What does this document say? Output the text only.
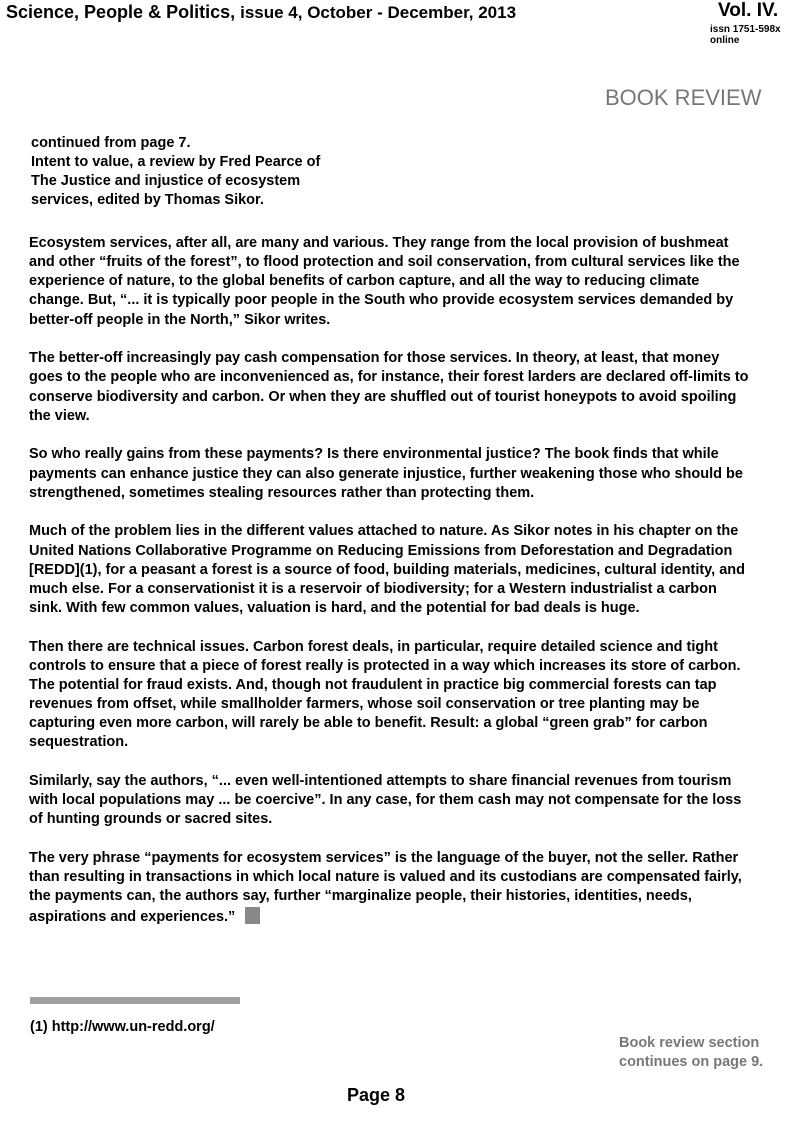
Science, People & Politics, issue 4, October - December, 2013	Vol. IV.
issn 1751-598x
online
BOOK REVIEW
continued from page 7.
Intent to value, a review by Fred Pearce of
The Justice and injustice of ecosystem
services, edited by Thomas Sikor.

Ecosystem services, after all, are many and various. They range from the local provision of bushmeat and other “fruits of the forest”, to flood protection and soil conservation, from cultural services like the experience of nature, to the global benefits of carbon capture, and all the way to reducing climate change. But, “... it is typically poor people in the South who provide ecosystem services demanded by better-off people in the North,” Sikor writes.

The better-off increasingly pay cash compensation for those services. In theory, at least, that money goes to the people who are inconvenienced as, for instance, their forest larders are declared off-limits to conserve biodiversity and carbon. Or when they are shuffled out of tourist honeypots to avoid spoiling the view.

So who really gains from these payments? Is there environmental justice? The book finds that while payments can enhance justice they can also generate injustice, further weakening those who should be strengthened, sometimes stealing resources rather than protecting them.

Much of the problem lies in the different values attached to nature. As Sikor notes in his chapter on the United Nations Collaborative Programme on Reducing Emissions from Deforestation and Degradation [REDD](1), for a peasant a forest is a source of food, building materials, medicines, cultural identity, and much else. For a conservationist it is a reservoir of biodiversity; for a Western industrialist a carbon sink. With few common values, valuation is hard, and the potential for bad deals is huge.

Then there are technical issues. Carbon forest deals, in particular, require detailed science and tight controls to ensure that a piece of forest really is protected in a way which increases its store of carbon. The potential for fraud exists. And, though not fraudulent in practice big commercial forests can tap revenues from offset, while smallholder farmers, whose soil conservation or tree planting may be capturing even more carbon, will rarely be able to benefit. Result: a global “green grab” for carbon sequestration.

Similarly, say the authors, “... even well-intentioned attempts to share financial revenues from tourism with local populations may ... be coercive”. In any case, for them cash may not compensate for the loss of hunting grounds or sacred sites.

The very phrase “payments for ecosystem services” is the language of the buyer, not the seller. Rather than resulting in transactions in which local nature is valued and its custodians are compensated fairly, the payments can, the authors say, further “marginalize people, their histories, identities, needs, aspirations and experiences.”

(1) http://www.un-redd.org/
Book review section
continues on page 9.
Page 8
